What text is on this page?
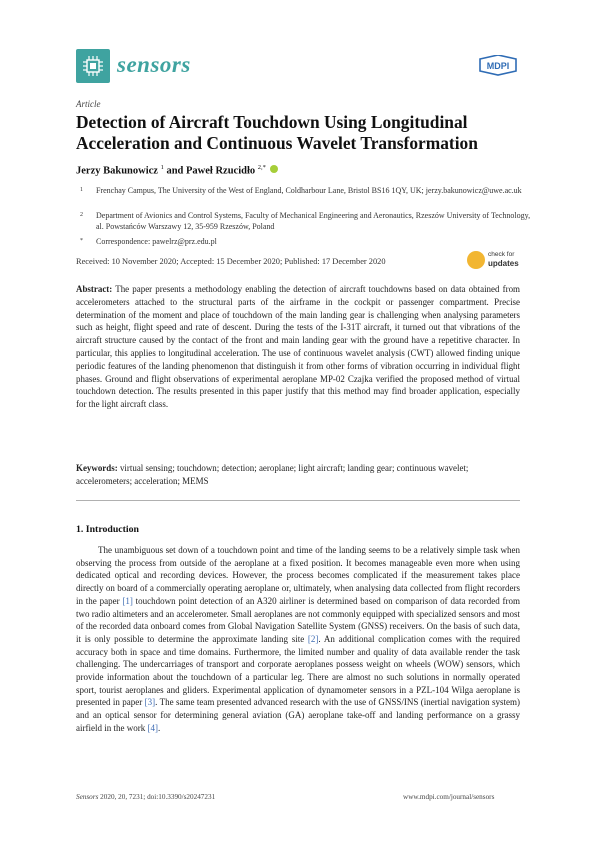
sensors	MDPI
Article
Detection of Aircraft Touchdown Using Longitudinal Acceleration and Continuous Wavelet Transformation
Jerzy Bakunowicz $^1$ and Paweł Rzucidło $^{2,*}$
1 Frenchay Campus, The University of the West of England, Coldharbour Lane, Bristol BS16 1QY, UK; jerzy.bakunowicz@uwe.ac.uk
2 Department of Avionics and Control Systems, Faculty of Mechanical Engineering and Aeronautics, Rzeszów University of Technology, al. Powstańców Warszawy 12, 35-959 Rzeszów, Poland
* Correspondence: pawelrz@prz.edu.pl
Received: 10 November 2020; Accepted: 15 December 2020; Published: 17 December 2020
check for
updates
Abstract: The paper presents a methodology enabling the detection of aircraft touchdowns based on data obtained from accelerometers attached to the structural parts of the airframe in the cockpit or passenger compartment. Precise determination of the moment and place of touchdown of the main landing gear is challenging when analysing parameters such as height, flight speed and rate of descent. During the tests of the I-31T aircraft, it turned out that vibrations of the aircraft structure caused by the contact of the front and main landing gear with the ground have a repetitive character. In particular, this applies to longitudinal acceleration. The use of continuous wavelet analysis (CWT) allowed finding unique periodic features of the landing phenomenon that distinguish it from other forms of vibration occurring in individual flight phases. Ground and flight observations of experimental aeroplane MP-02 Czajka verified the proposed method of virtual touchdown detection. The results presented in this paper justify that this method may find broader application, especially for the light aircraft class.
Keywords: virtual sensing; touchdown; detection; aeroplane; light aircraft; landing gear; continuous wavelet; accelerometers; acceleration; MEMS
1. Introduction
The unambiguous set down of a touchdown point and time of the landing seems to be a relatively simple task when observing the process from outside of the aeroplane at a fixed position. It becomes manageable even more when using dedicated optical and recording devices. However, the process becomes complicated if the measurement takes place directly on board of a commercially operating aeroplane or, ultimately, when analysing data collected from flight recorders in the paper [1] touchdown point detection of an A320 airliner is determined based on comparison of data recorded from two radio altimeters and an accelerometer. Small aeroplanes are not commonly equipped with specialized sensors and most of the recorded data onboard comes from Global Navigation Satellite System (GNSS) receivers. On the basis of such data, it is only possible to determine the approximate landing site [2]. An additional complication comes with the required accuracy both in space and time domains. Furthermore, the limited number and quality of data available render the task challenging. The undercarriages of transport and corporate aeroplanes possess weight on wheels (WOW) sensors, which provide information about the touchdown of a particular leg. There are almost no such solutions in normally operated sport, tourist aeroplanes and gliders. Experimental application of dynamometer sensors in a PZL-104 Wilga aeroplane is presented in paper [3]. The same team presented advanced research with the use of GNSS/INS (inertial navigation system) and an optical sensor for determining general aviation (GA) aeroplane take-off and landing performance on a grassy airfield in the work [4].
Sensors 2020, 20, 7231; doi:10.3390/s20247231	www.mdpi.com/journal/sensors
